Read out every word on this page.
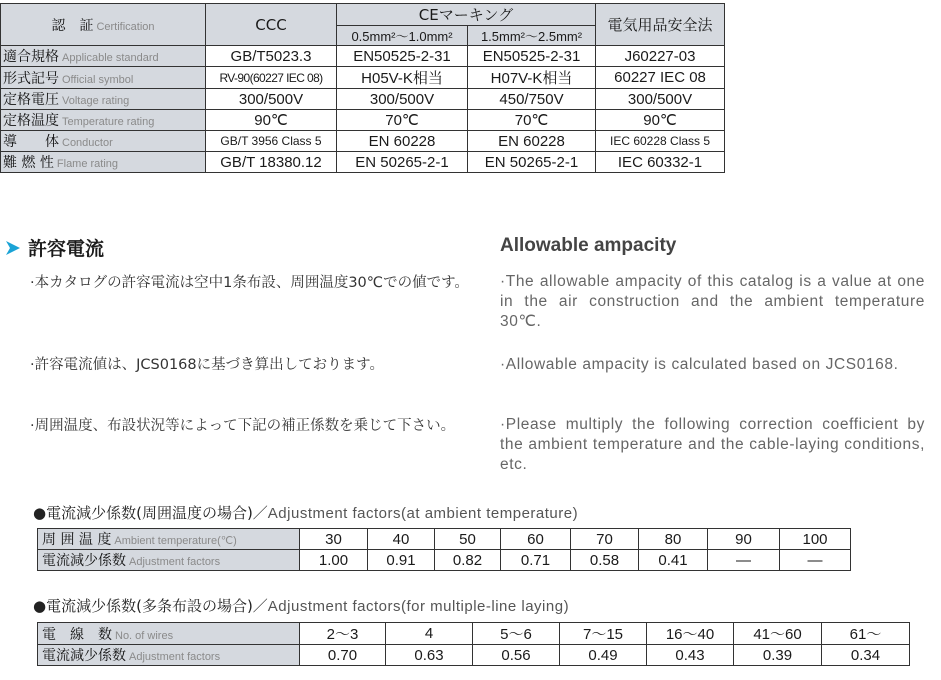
認　証 Certification	CCC	CEマーキング		電気用品安全法
		0.5mm²～1.0mm²	1.5mm²～2.5mm²	
適合規格 Applicable standard	GB/T5023.3	EN50525-2-31	EN50525-2-31	J60227-03
形式記号 Official symbol	RV-90(60227 IEC 08)	H05V-K相当	H07V-K相当	60227 IEC 08
定格電圧 Voltage rating	300/500V	300/500V	450/750V	300/500V
定格温度 Temperature rating	90℃	70℃	70℃	90℃
導　　体 Conductor	GB/T 3956 Class 5	EN 60228	EN 60228	IEC 60228 Class 5
難 燃 性 Flame rating	GB/T 18380.12	EN 50265-2-1	EN 50265-2-1	IEC 60332-1
許容電流	Allowable ampacity
·本カタログの許容電流は空中1条布設、周囲温度30℃での値です。
·許容電流値は、JCS0168に基づき算出しております。
·周囲温度、布設状況等によって下記の補正係数を乗じて下さい。
·The allowable ampacity of this catalog is a value at one in the air construction and the ambient temperature 30℃.
·Allowable ampacity is calculated based on JCS0168.
·Please multiply the following correction coefficient by the ambient temperature and the cable-laying conditions, etc.
●電流減少係数(周囲温度の場合)／Adjustment factors(at ambient temperature)
周 囲 温 度 Ambient temperature(℃)	30	40	50	60	70	80	90	100
電流減少係数 Adjustment factors	1.00	0.91	0.82	0.71	0.58	0.41	—	—
●電流減少係数(多条布設の場合)／Adjustment factors(for multiple-line laying)
電　線　数 No. of wires	2～3	4	5～6	7～15	16～40	41～60	61～
電流減少係数 Adjustment factors	0.70	0.63	0.56	0.49	0.43	0.39	0.34
